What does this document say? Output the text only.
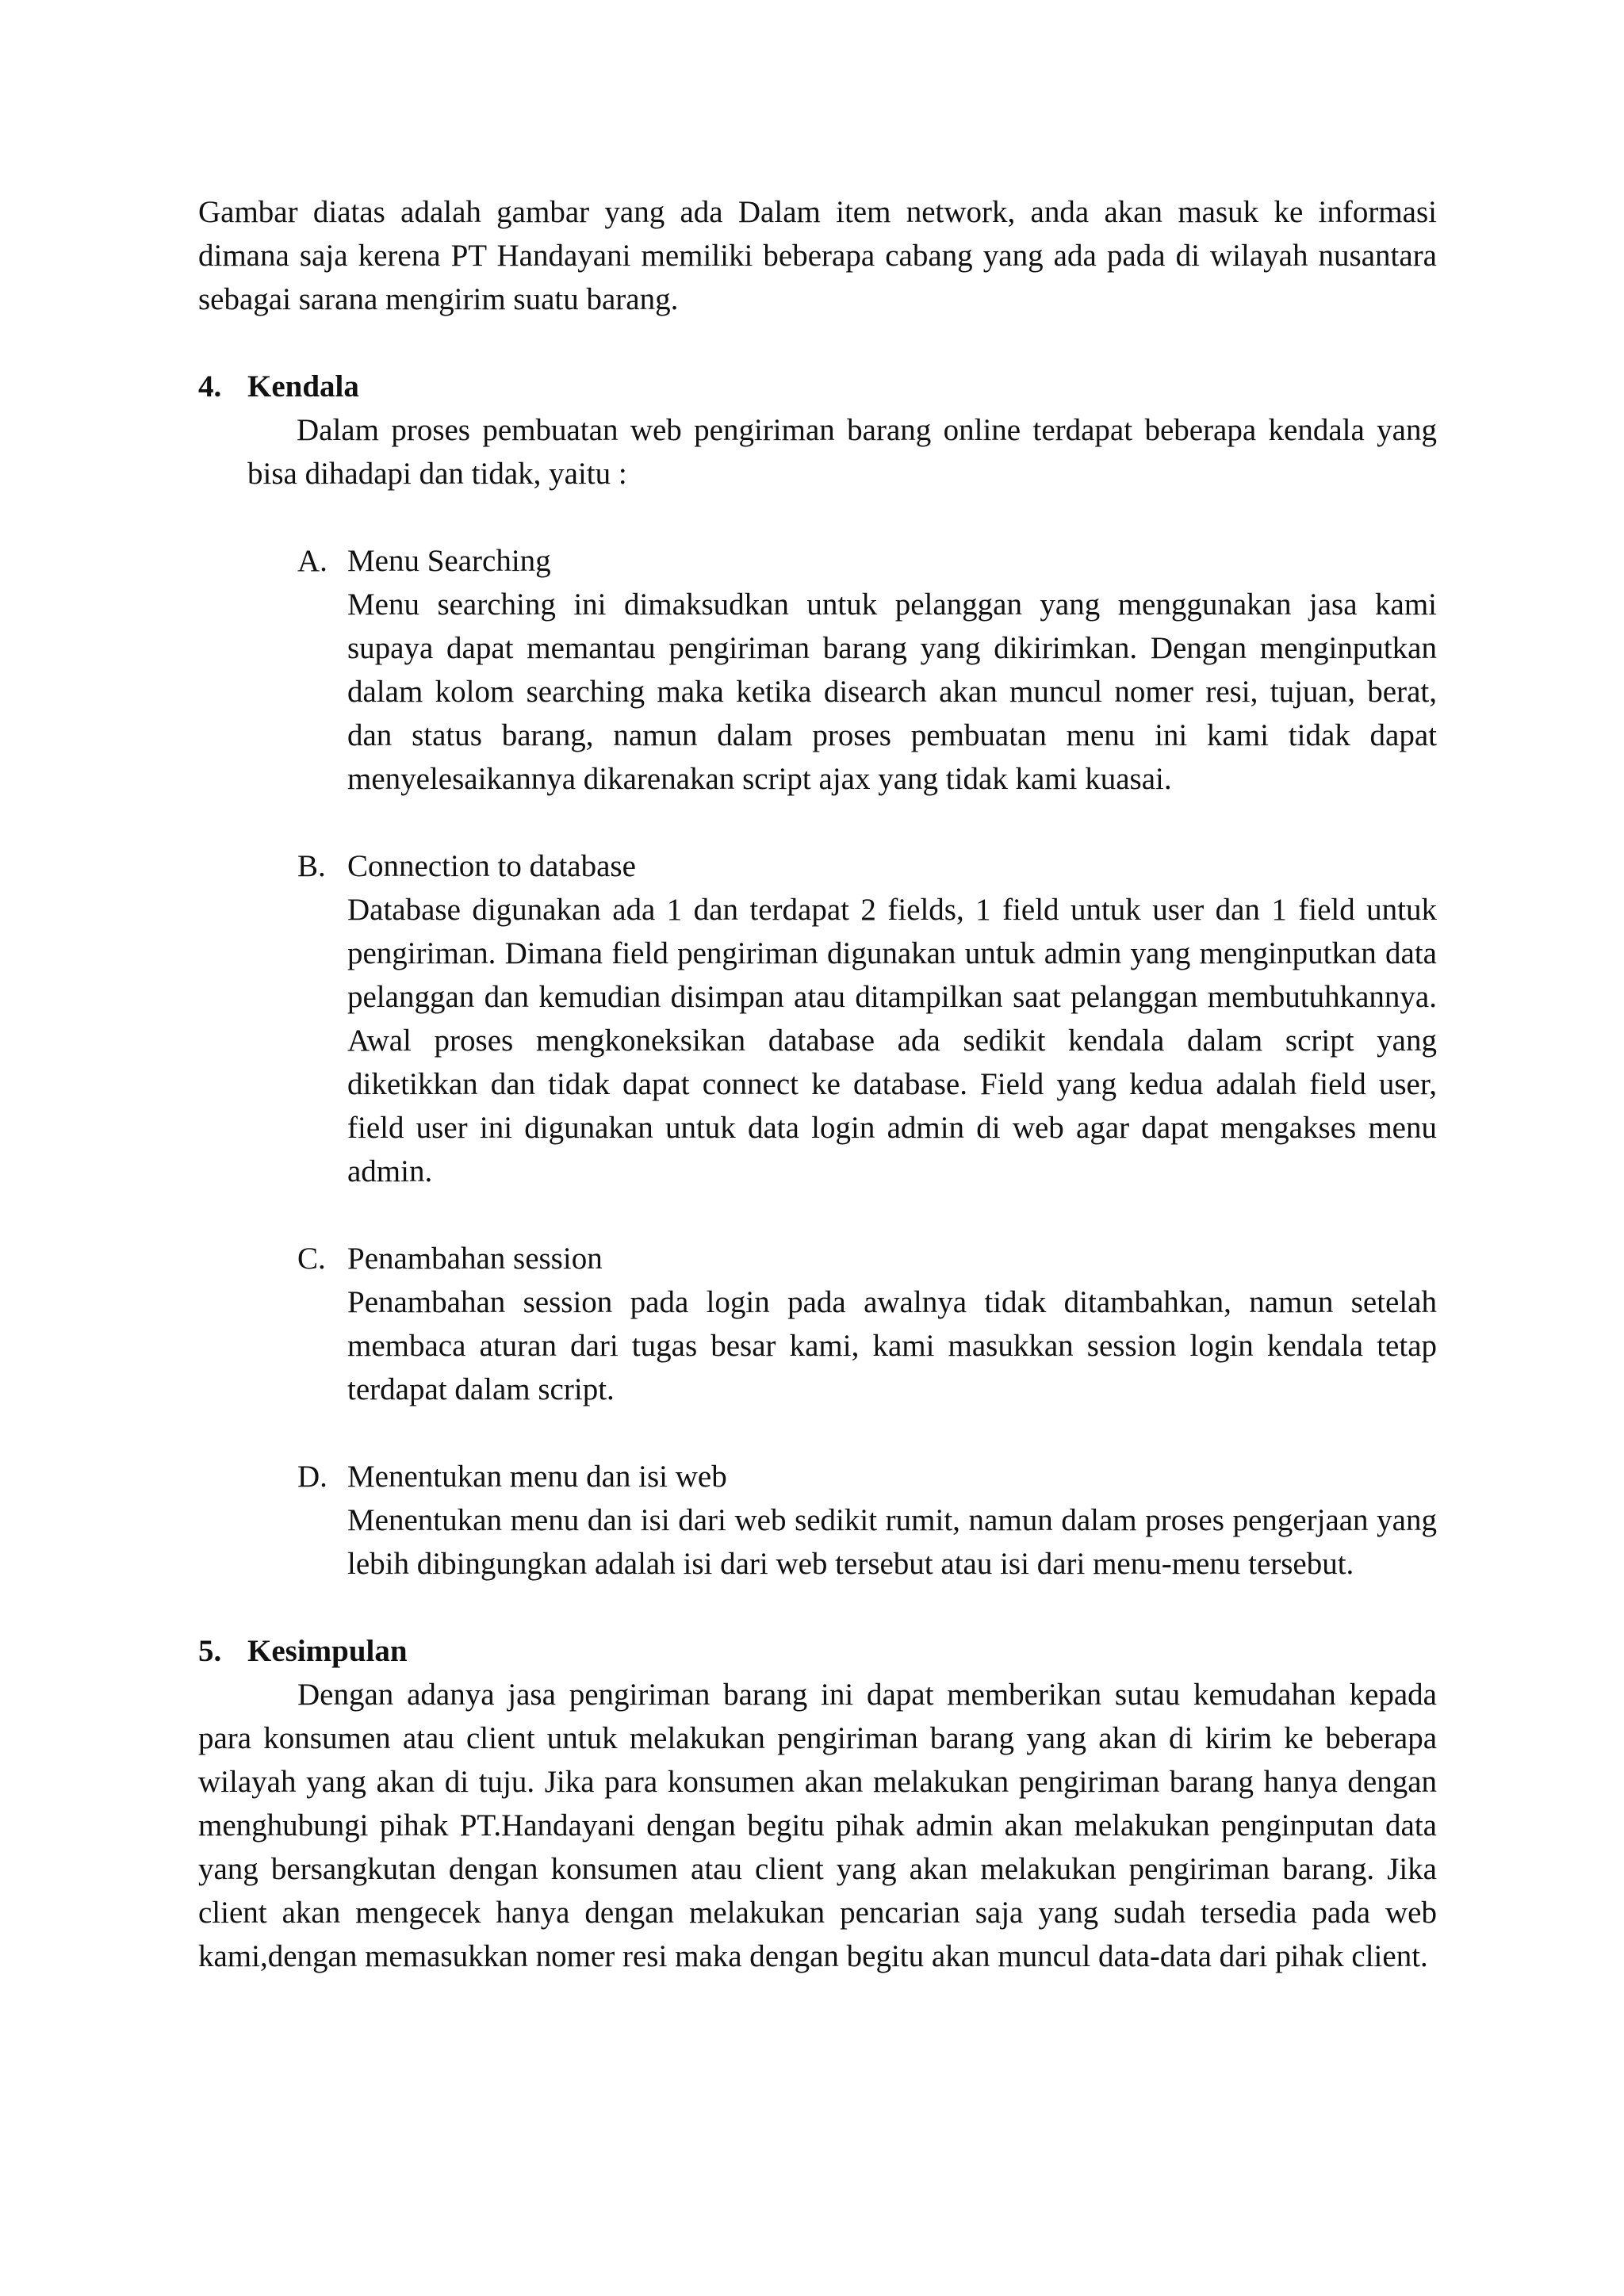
Gambar diatas adalah gambar yang ada Dalam item network, anda akan masuk ke informasi dimana saja kerena PT Handayani memiliki beberapa cabang yang ada pada di wilayah nusantara sebagai sarana mengirim suatu barang.

4. Kendala

Dalam proses pembuatan web pengiriman barang online terdapat beberapa kendala yang bisa dihadapi dan tidak, yaitu :

A. Menu Searching

Menu searching ini dimaksudkan untuk pelanggan yang menggunakan jasa kami supaya dapat memantau pengiriman barang yang dikirimkan. Dengan menginputkan dalam kolom searching maka ketika disearch akan muncul nomer resi, tujuan, berat, dan status barang, namun dalam proses pembuatan menu ini kami tidak dapat menyelesaikannya dikarenakan script ajax yang tidak kami kuasai.

B. Connection to database

Database digunakan ada 1 dan terdapat 2 fields, 1 field untuk user dan 1 field untuk pengiriman. Dimana field pengiriman digunakan untuk admin yang menginputkan data pelanggan dan kemudian disimpan atau ditampilkan saat pelanggan membutuhkannya. Awal proses mengkoneksikan database ada sedikit kendala dalam script yang diketikkan dan tidak dapat connect ke database. Field yang kedua adalah field user, field user ini digunakan untuk data login admin di web agar dapat mengakses menu admin.

C. Penambahan session

Penambahan session pada login pada awalnya tidak ditambahkan, namun setelah membaca aturan dari tugas besar kami, kami masukkan session login kendala tetap terdapat dalam script.

D. Menentukan menu dan isi web

Menentukan menu dan isi dari web sedikit rumit, namun dalam proses pengerjaan yang lebih dibingungkan adalah isi dari web tersebut atau isi dari menu-menu tersebut.

5. Kesimpulan

Dengan adanya jasa pengiriman barang ini dapat memberikan sutau kemudahan kepada para konsumen atau client untuk melakukan pengiriman barang yang akan di kirim ke beberapa wilayah yang akan di tuju. Jika para konsumen akan melakukan pengiriman barang hanya dengan menghubungi pihak PT.Handayani dengan begitu pihak admin akan melakukan penginputan data yang bersangkutan dengan konsumen atau client yang akan melakukan pengiriman barang. Jika client akan mengecek hanya dengan melakukan pencarian saja yang sudah tersedia pada web kami,dengan memasukkan nomer resi maka dengan begitu akan muncul data-data dari pihak client.
